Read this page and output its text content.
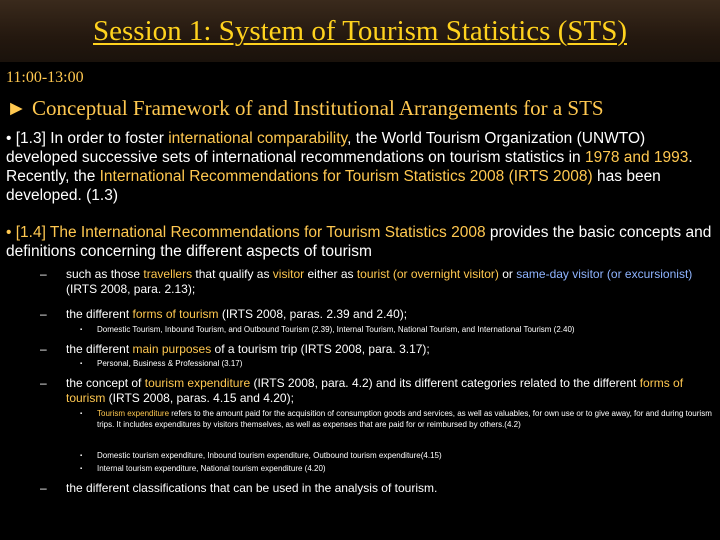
Session 1: System of Tourism Statistics (STS)
11:00-13:00
► Conceptual Framework of and Institutional Arrangements for a STS

• [1.3] In order to foster international comparability, the World Tourism Organization (UNWTO) developed successive sets of international recommendations on tourism statistics in 1978 and 1993. Recently, the International Recommendations for Tourism Statistics 2008 (IRTS 2008) has been developed. (1.3)

• [1.4] The International Recommendations for Tourism Statistics 2008 provides the basic concepts and definitions concerning the different aspects of tourism

– such as those travellers that qualify as visitor either as tourist (or overnight visitor) or same-day visitor (or excursionist) (IRTS 2008, para. 2.13);

– the different forms of tourism (IRTS 2008, paras. 2.39 and 2.40);

▪ Domestic Tourism, Inbound Tourism, and Outbound Tourism (2.39), Internal Tourism, National Tourism, and International Tourism (2.40)

– the different main purposes of a tourism trip (IRTS 2008, para. 3.17);

▪ Personal, Business & Professional (3.17)

– the concept of tourism expenditure (IRTS 2008, para. 4.2) and its different categories related to the different forms of tourism (IRTS 2008, paras. 4.15 and 4.20);

▪ Tourism expenditure refers to the amount paid for the acquisition of consumption goods and services, as well as valuables, for own use or to give away, for and during tourism trips. It includes expenditures by visitors themselves, as well as expenses that are paid for or reimbursed by others.(4.2)

▪ Domestic tourism expenditure, Inbound tourism expenditure, Outbound tourism expenditure(4.15)

▪ Internal tourism expenditure, National tourism expenditure (4.20)

– the different classifications that can be used in the analysis of tourism.
